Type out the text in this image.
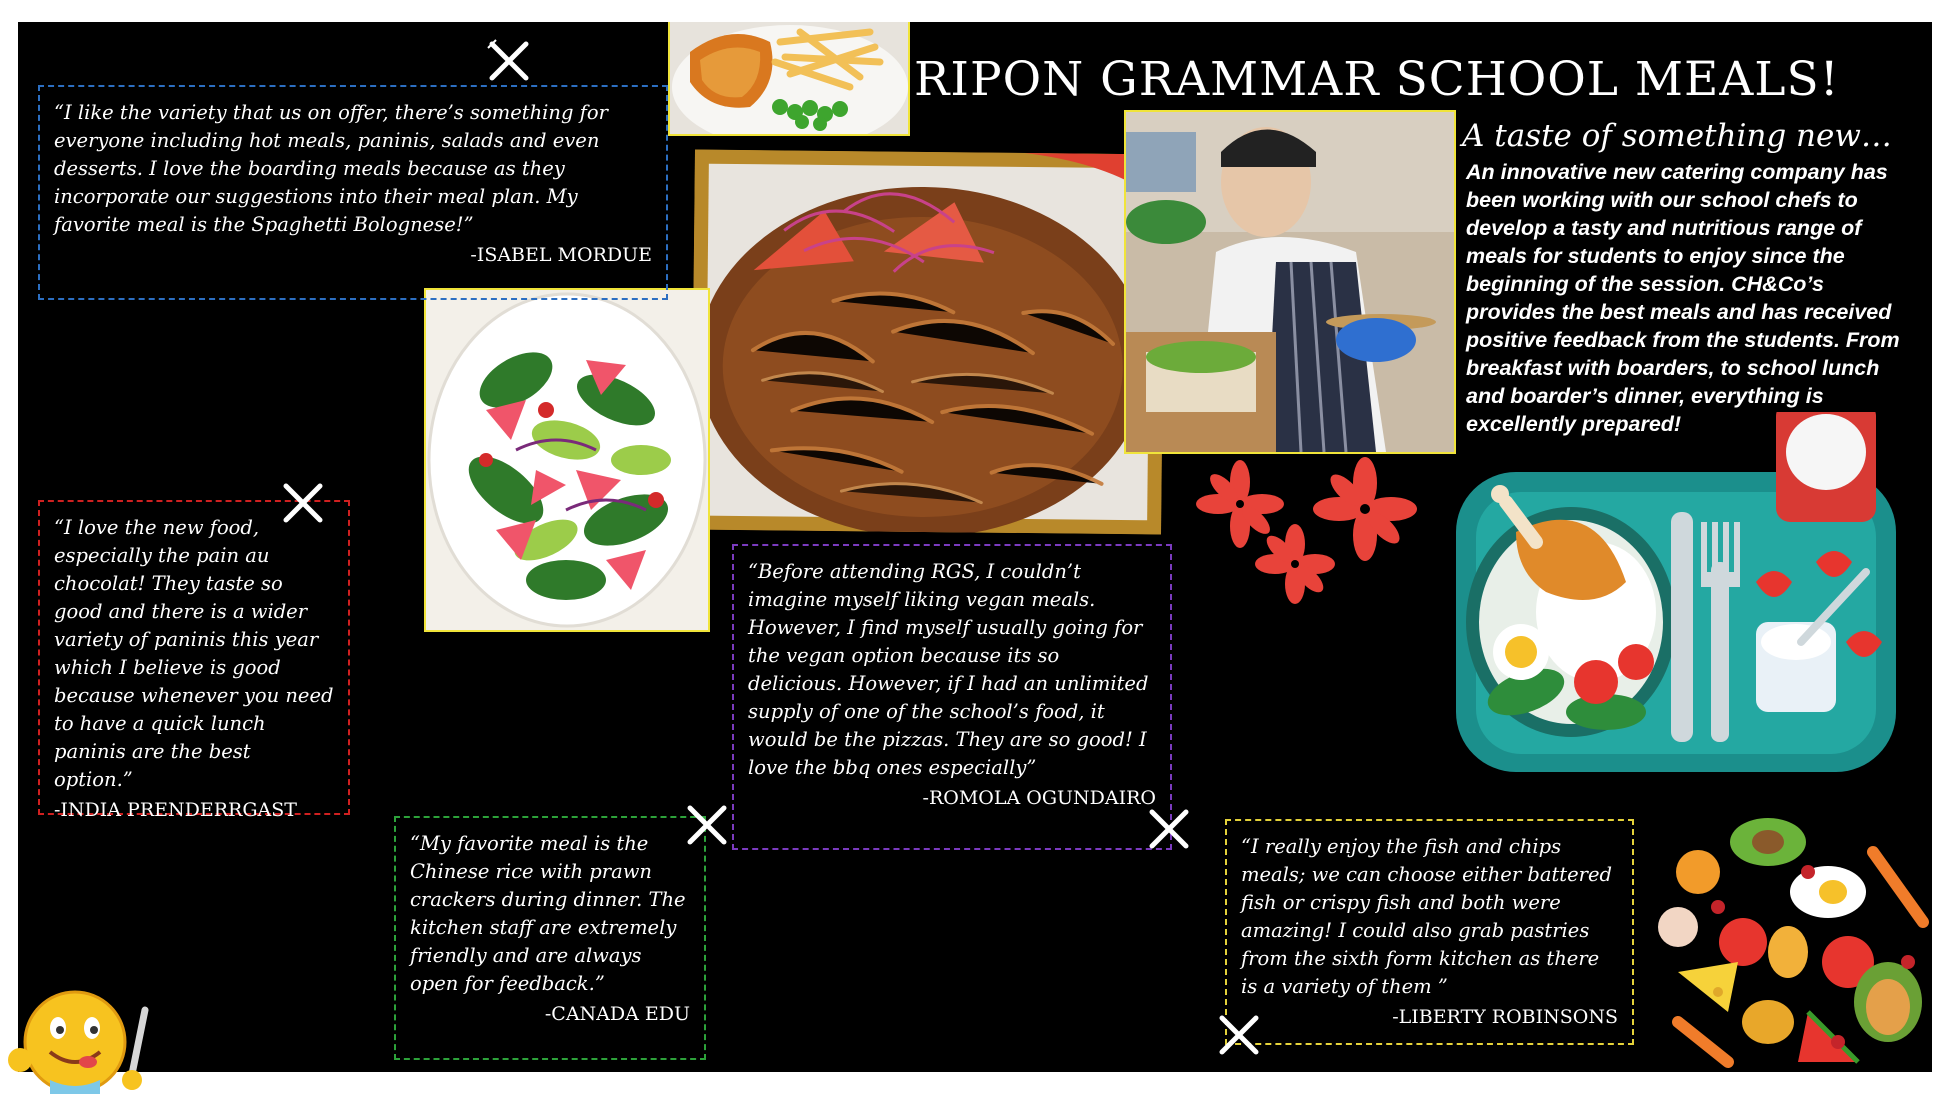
RIPON GRAMMAR SCHOOL MEALS!
A taste of something new…
An innovative new catering company has been working with our school chefs to develop a tasty and nutritious range of meals for students to enjoy since the beginning of the session. CH&Co’s provides the best meals and has received positive feedback from the students. From breakfast with boarders, to school lunch and boarder’s dinner, everything is excellently prepared!
“I like the variety that us on offer, there’s something for everyone including hot meals, paninis, salads and even desserts. I love the boarding meals because as they incorporate our suggestions into their meal plan. My favorite meal is the Spaghetti Bolognese!”
-ISABEL MORDUE
“I love the new food, especially the pain au chocolat! They taste so good and there is a wider variety of paninis this year which I believe is good because whenever you need to have a quick lunch paninis are the best option.”
-INDIA PRENDERRGAST
“My favorite meal is the Chinese rice with prawn crackers during dinner. The kitchen staff are extremely friendly and are always open for feedback.”
-CANADA EDU
“Before attending RGS, I couldn’t imagine myself liking vegan meals. However, I find myself usually going for the vegan option because its so delicious. However, if I had an unlimited supply of one of the school’s food, it would be the pizzas. They are so good! I love the bbq ones especially”
-ROMOLA OGUNDAIRO
“I really enjoy the fish and chips meals; we can choose either battered fish or crispy fish and both were amazing! I could also grab pastries from the sixth form kitchen as there is a variety of them ”
-LIBERTY ROBINSONS
